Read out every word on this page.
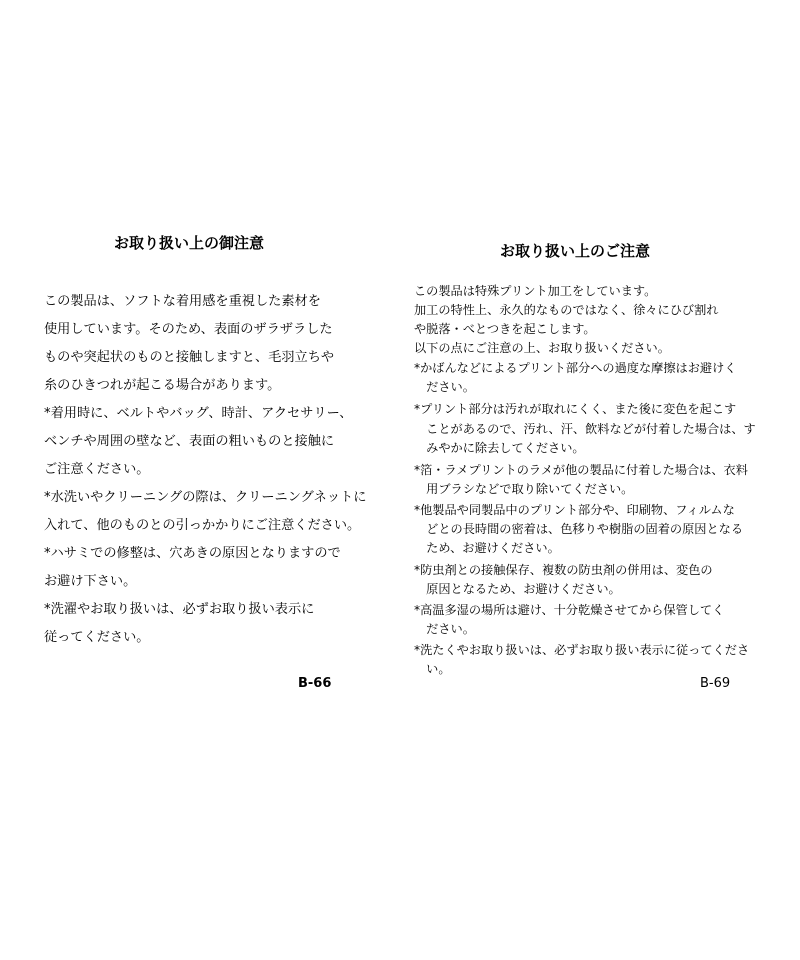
お取り扱い上の御注意

この製品は、ソフトな着用感を重視した素材を

使用しています。そのため、表面のザラザラした

ものや突起状のものと接触しますと、毛羽立ちや

糸のひきつれが起こる場合があります。

*着用時に、ベルトやバッグ、時計、アクセサリー、

ベンチや周囲の壁など、表面の粗いものと接触に

ご注意ください。

*水洗いやクリーニングの際は、クリーニングネットに

入れて、他のものとの引っかかりにご注意ください。

*ハサミでの修整は、穴あきの原因となりますので

お避け下さい。

*洗濯やお取り扱いは、必ずお取り扱い表示に

従ってください。

B-66
お取り扱い上のご注意

この製品は特殊プリント加工をしています。

加工の特性上、永久的なものではなく、徐々にひび割れ

や脱落・べとつきを起こします。

以下の点にご注意の上、お取り扱いください。

*かばんなどによるプリント部分への過度な摩擦はお避けく

　ださい。

*プリント部分は汚れが取れにくく、また後に変色を起こす

　ことがあるので、汚れ、汗、飲料などが付着した場合は、す

　みやかに除去してください。

*箔・ラメプリントのラメが他の製品に付着した場合は、衣料

　用ブラシなどで取り除いてください。

*他製品や同製品中のプリント部分や、印刷物、フィルムな

　どとの長時間の密着は、色移りや樹脂の固着の原因となる

　ため、お避けください。

*防虫剤との接触保存、複数の防虫剤の併用は、変色の

　原因となるため、お避けください。

*高温多湿の場所は避け、十分乾燥させてから保管してく

　ださい。

*洗たくやお取り扱いは、必ずお取り扱い表示に従ってくださ

　い。

B-69
